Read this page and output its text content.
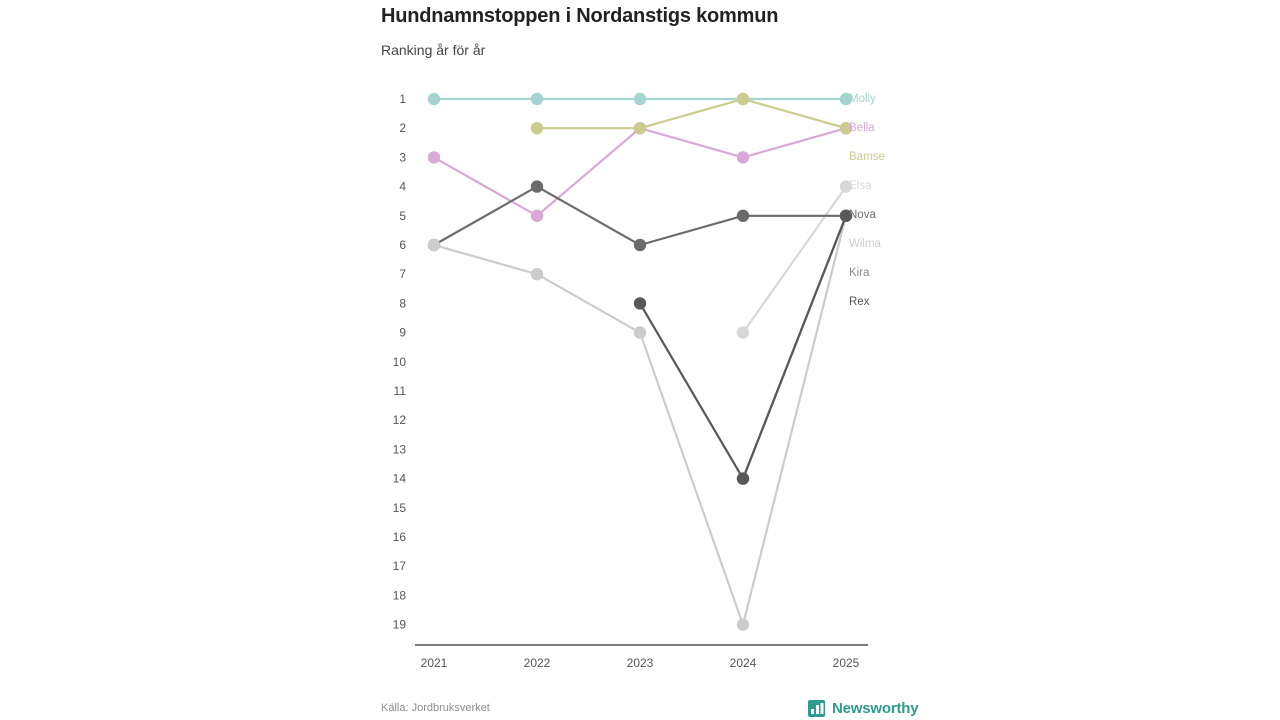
Hundnamnstoppen i Nordanstigs kommun
Ranking år för år
1
2
3
4
5
6
7
8
9
10
11
12
13
14
15
16
17
18
19
2021	2022	2023	2024	2025
Molly
Bella
Bamse
Elsa
Nova
Wilma
Kira
Rex
Källa: Jordbruksverket	Newsworthy
